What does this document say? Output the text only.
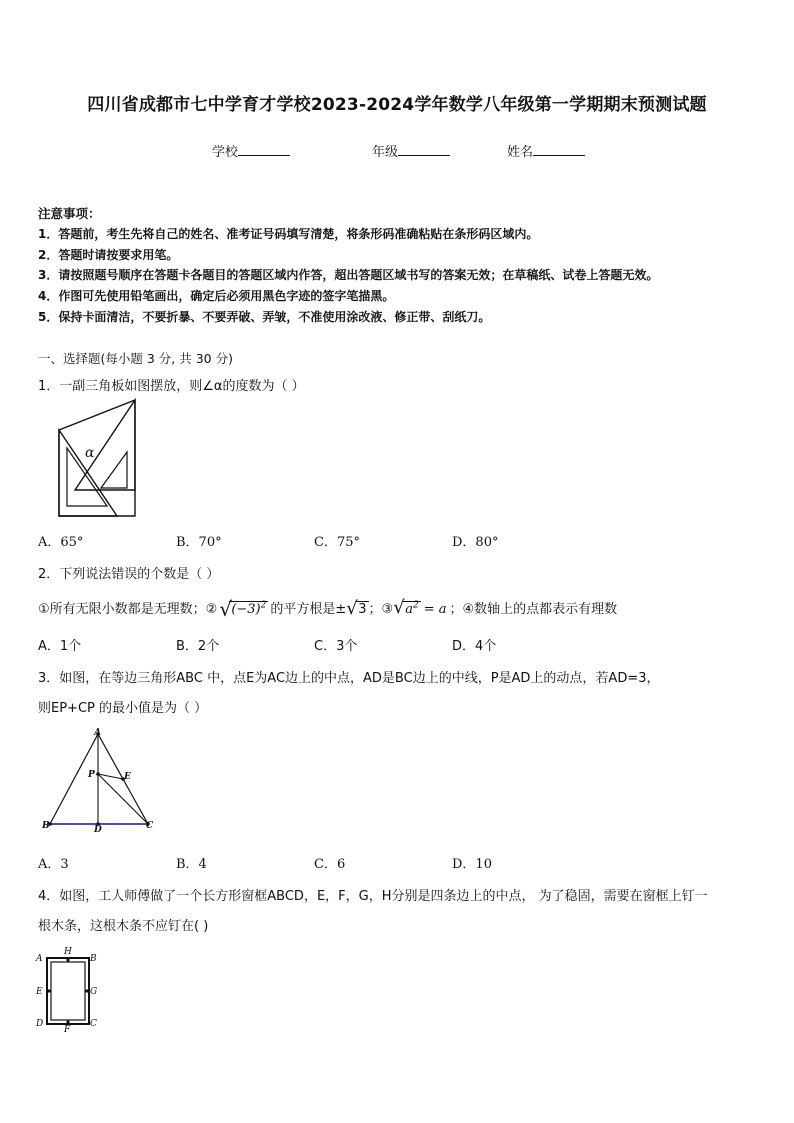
四川省成都市七中学育才学校2023-2024学年数学八年级第一学期期末预测试题
学校	年级	姓名
注意事项：
1．答题前，考生先将自己的姓名、准考证号码填写清楚，将条形码准确粘贴在条形码区域内。
2．答题时请按要求用笔。
3．请按照题号顺序在答题卡各题目的答题区域内作答，超出答题区域书写的答案无效；在草稿纸、试卷上答题无效。
4．作图可先使用铅笔画出，确定后必须用黑色字迹的签字笔描黑。
5．保持卡面清洁，不要折暴、不要弄破、弄皱，不准使用涂改液、修正带、刮纸刀。
一、选择题(每小题 3 分, 共 30 分)
1．一副三角板如图摆放，则∠α的度数为（ ）
α
A．65°	B．70°	C．75°	D．80°
2．下列说法错误的个数是（ ）
①所有无限小数都是无理数；② √ $(-3)^2$ 的平方根是± √ 3 ；③ √ $a^2 = a$ ；④数轴上的点都表示有理数
A．1个	B．2个	C．3个	D．4个
3．如图，在等边三角形ABC 中，点E为AC边上的中点，AD是BC边上的中线，P是AD上的动点，若AD=3，
则EP+CP 的最小值是为（ ）
A
B	C
D
P	E
A．3	B．4	C．6	D．10
4．如图，工人师傅做了一个长方形窗框ABCD，E，F，G，H分别是四条边上的中点， 为了稳固，需要在窗框上钉一
根木条，这根木条不应钉在( )
A
H
B
E	G
D
F
C
